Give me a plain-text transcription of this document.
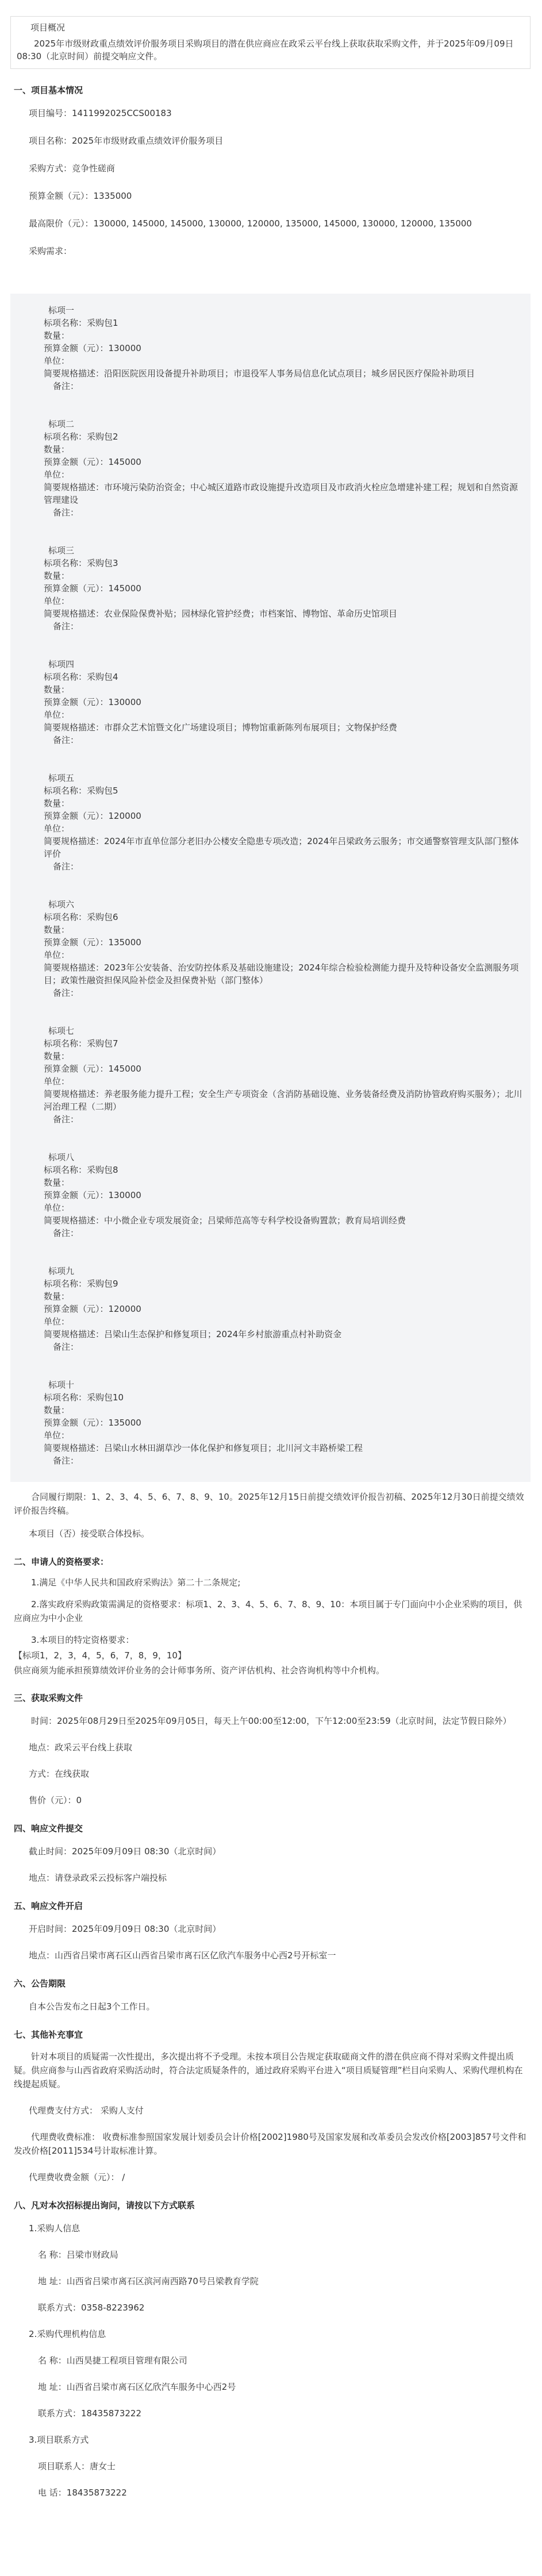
项目概况

2025年市级财政重点绩效评价服务项目采购项目的潜在供应商应在政采云平台线上获取获取采购文件，并于2025年09月09日 08:30（北京时间）前提交响应文件。

一、项目基本情况
项目编号：1411992025CCS00183
项目名称：2025年市级财政重点绩效评价服务项目
采购方式：竞争性磋商
预算金额（元）：1335000
最高限价（元）：130000, 145000, 145000, 130000, 120000, 135000, 145000, 130000, 120000, 135000
采购需求：
标项一
标项名称：采购包1
数量：
预算金额（元）：130000
单位：
简要规格描述：沿阳医院医用设备提升补助项目；市退役军人事务局信息化试点项目；城乡居民医疗保险补助项目
备注：
标项二
标项名称：采购包2
数量：
预算金额（元）：145000
单位：
简要规格描述：市环境污染防治资金；中心城区道路市政设施提升改造项目及市政消火栓应急增建补建工程；规划和自然资源管理建设
备注：
标项三
标项名称：采购包3
数量：
预算金额（元）：145000
单位：
简要规格描述：农业保险保费补贴；园林绿化管护经费；市档案馆、博物馆、革命历史馆项目
备注：
标项四
标项名称：采购包4
数量：
预算金额（元）：130000
单位：
简要规格描述：市群众艺术馆暨文化广场建设项目；博物馆重新陈列布展项目；文物保护经费
备注：
标项五
标项名称：采购包5
数量：
预算金额（元）：120000
单位：
简要规格描述：2024年市直单位部分老旧办公楼安全隐患专项改造；2024年吕梁政务云服务；市交通警察管理支队部门整体评价
备注：
标项六
标项名称：采购包6
数量：
预算金额（元）：135000
单位：
简要规格描述：2023年公安装备、治安防控体系及基础设施建设；2024年综合检验检测能力提升及特种设备安全监测服务项目；政策性融资担保风险补偿金及担保费补贴（部门整体）
备注：
标项七
标项名称：采购包7
数量：
预算金额（元）：145000
单位：
简要规格描述：养老服务能力提升工程；安全生产专项资金（含消防基础设施、业务装备经费及消防协管政府购买服务）；北川河治理工程（二期）
备注：
标项八
标项名称：采购包8
数量：
预算金额（元）：130000
单位：
简要规格描述：中小微企业专项发展资金；吕梁师范高等专科学校设备购置款；教育局培训经费
备注：
标项九
标项名称：采购包9
数量：
预算金额（元）：120000
单位：
简要规格描述：吕梁山生态保护和修复项目；2024年乡村旅游重点村补助资金
备注：
标项十
标项名称：采购包10
数量：
预算金额（元）：135000
单位：
简要规格描述：吕梁山水林田湖草沙一体化保护和修复项目；北川河文丰路桥梁工程
备注：
合同履行期限：1、2、3、4、5、6、7、8、9、10。2025年12月15日前提交绩效评价报告初稿、2025年12月30日前提交绩效评价报告终稿。
本项目（否）接受联合体投标。
二、申请人的资格要求：
1.满足《中华人民共和国政府采购法》第二十二条规定;
2.落实政府采购政策需满足的资格要求：标项1、2、3、4、5、6、7、8、9、10：本项目属于专门面向中小企业采购的项目，供应商应为中小企业
3.本项目的特定资格要求：
【标项1，2，3，4，5，6，7，8，9，10】
供应商须为能承担预算绩效评价业务的会计师事务所、资产评估机构、社会咨询机构等中介机构。
三、获取采购文件
时间：2025年08月29日至2025年09月05日，每天上午00:00至12:00，下午12:00至23:59（北京时间，法定节假日除外）
地点：政采云平台线上获取
方式：在线获取
售价（元）：0
四、响应文件提交
截止时间：2025年09月09日 08:30（北京时间）
地点：请登录政采云投标客户端投标
五、响应文件开启
开启时间：2025年09月09日 08:30（北京时间）
地点：山西省吕梁市离石区山西省吕梁市离石区亿欣汽车服务中心西2号开标室一
六、公告期限
自本公告发布之日起3个工作日。
七、其他补充事宜
针对本项目的质疑需一次性提出，多次提出将不予受理。未按本项目公告规定获取磋商文件的潜在供应商不得对采购文件提出质疑。供应商参与山西省政府采购活动时，符合法定质疑条件的，通过政府采购平台进入“项目质疑管理”栏目向采购人、采购代理机构在线提起质疑。
代理费支付方式： 采购人支付
代理费收费标准： 收费标准参照国家发展计划委员会计价格[2002]1980号及国家发展和改革委员会发改价格[2003]857号文件和发改价格[2011]534号计取标准计算。
代理费收费金额（元）： /
八、凡对本次招标提出询问，请按以下方式联系
1.采购人信息
名 称：吕梁市财政局
地 址：山西省吕梁市离石区滨河南西路70号吕梁教育学院
联系方式：0358-8223962
2.采购代理机构信息
名 称：山西昊捷工程项目管理有限公司
地 址：山西省吕梁市离石区亿欣汽车服务中心西2号
联系方式：18435873222
3.项目联系方式
项目联系人：唐女士
电 话：18435873222
